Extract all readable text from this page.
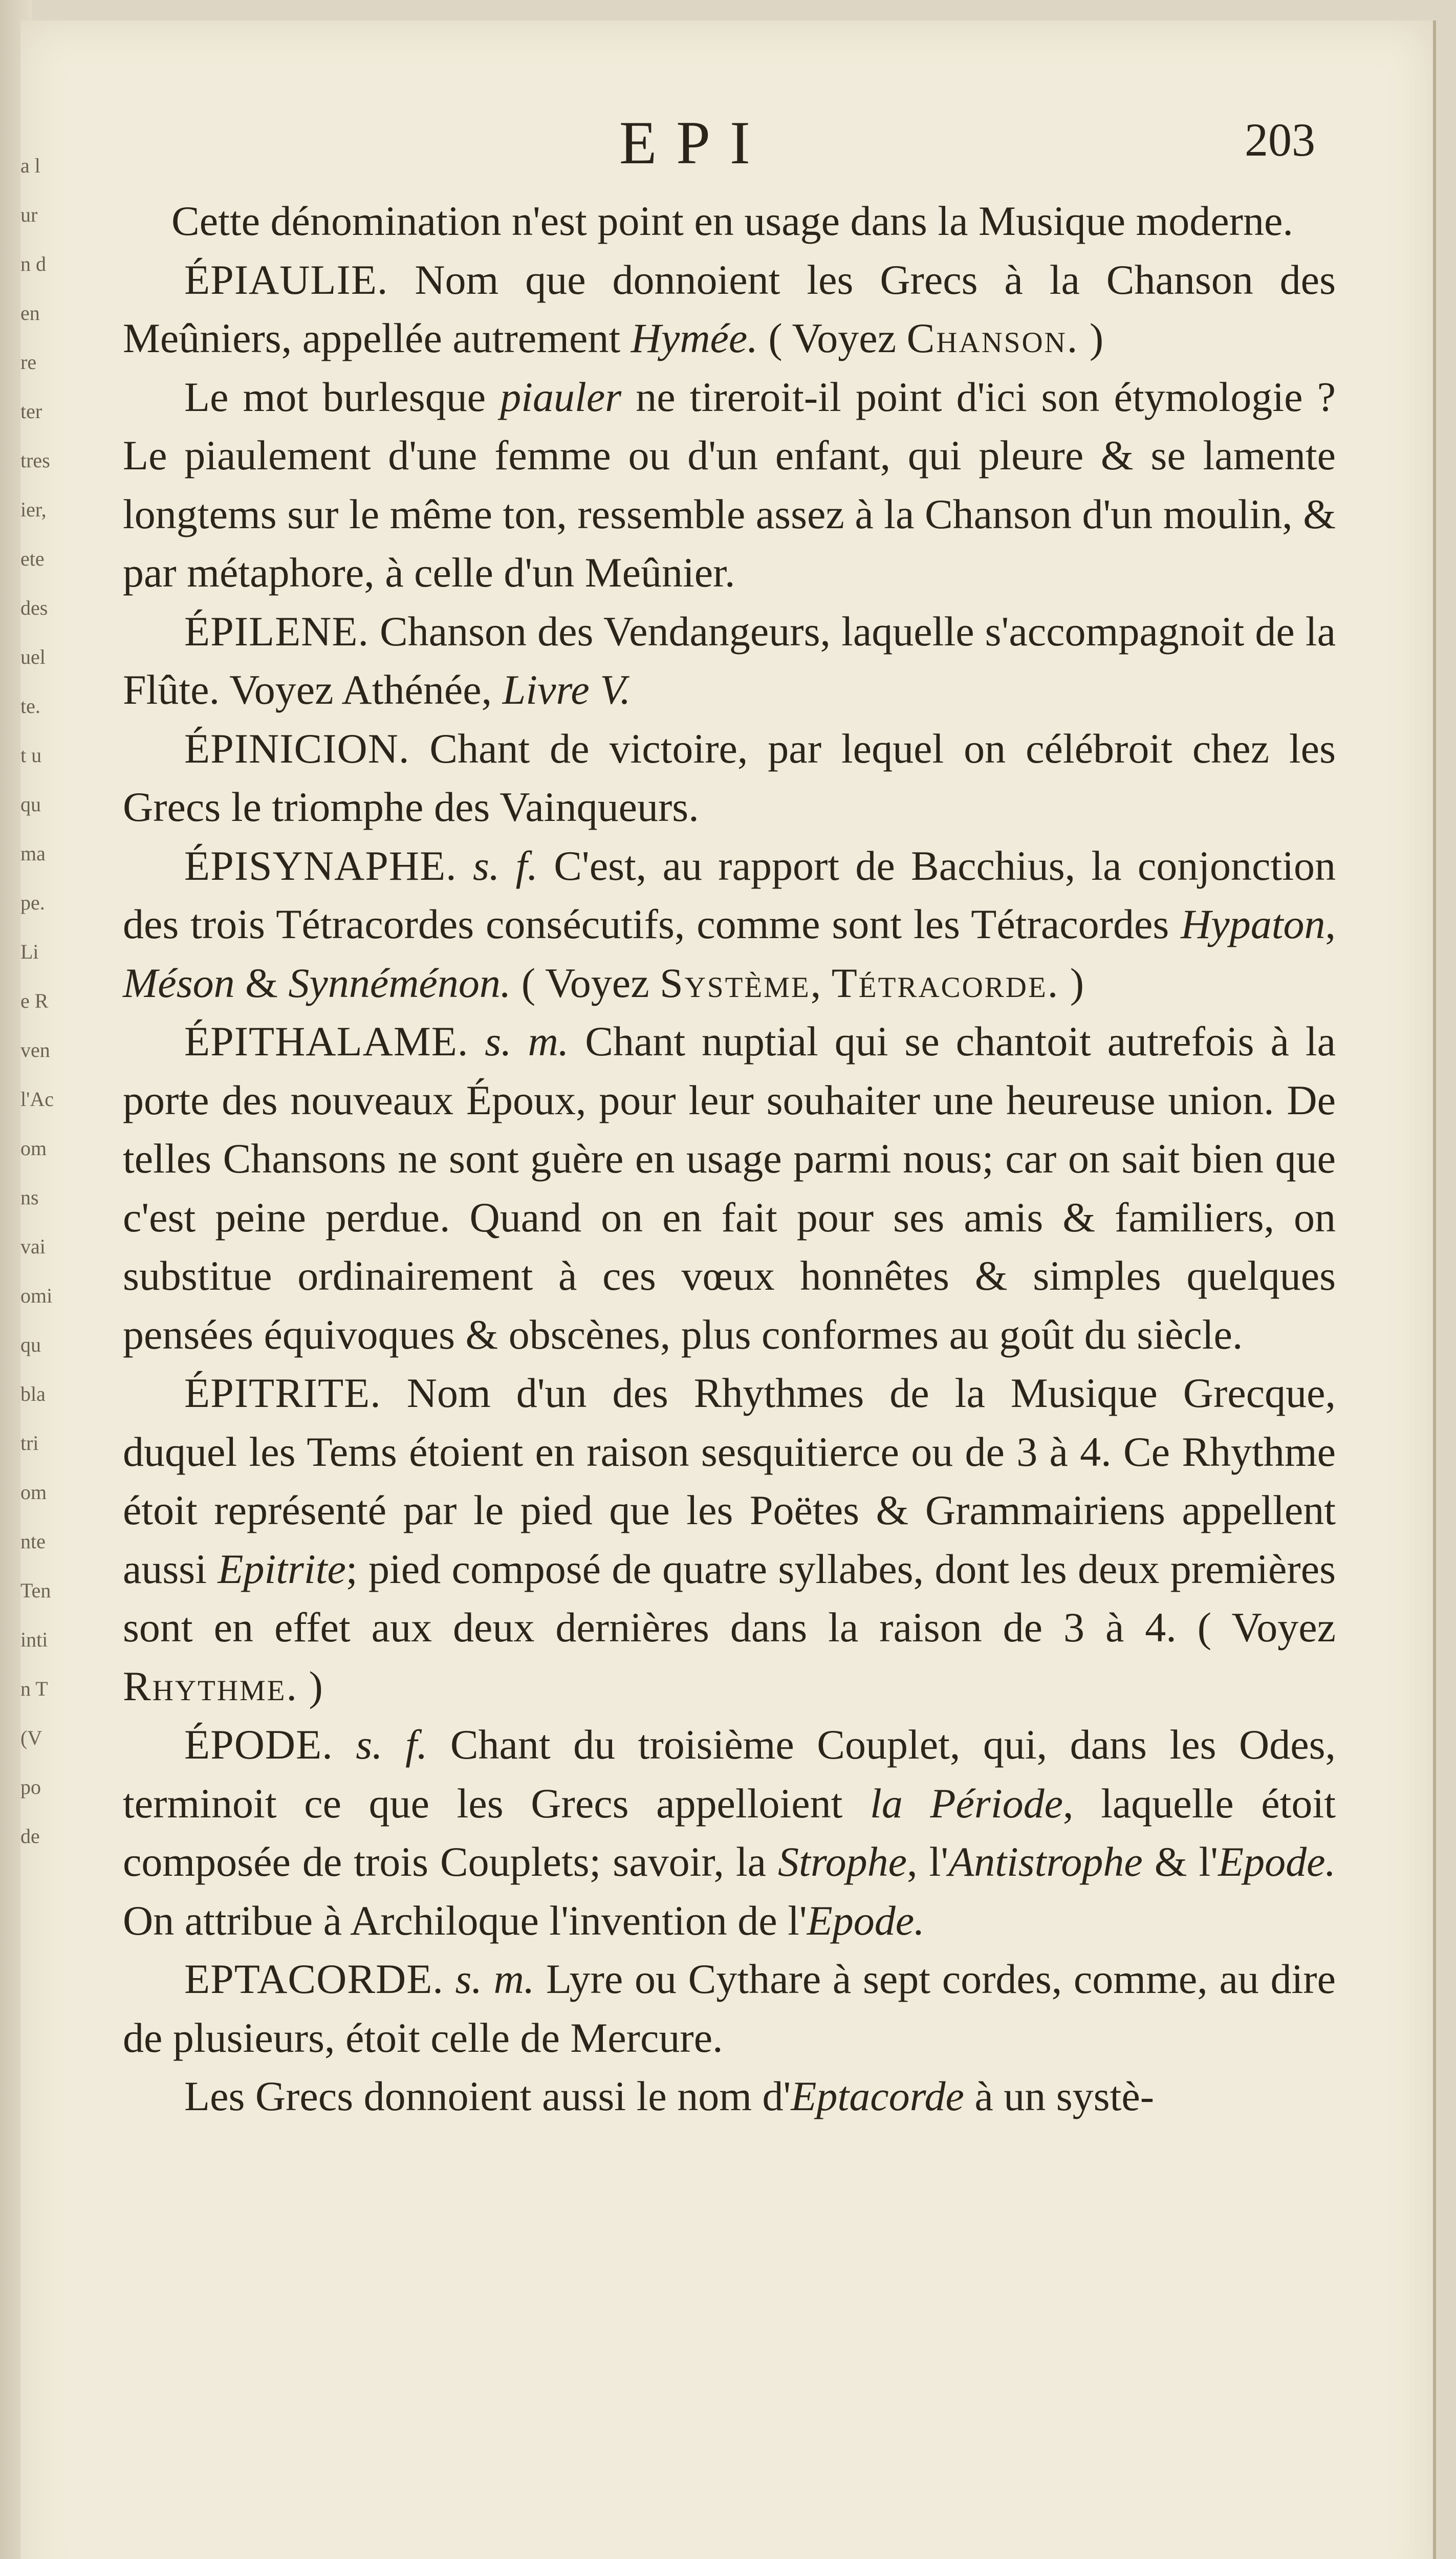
a l
ur
n d
en
re
ter
tres
ier,
ete
des
uel
te.
t u
qu
ma
pe.
Li
e R
ven
l'Ac
om
ns
vai
omi
qu
bla
tri
om
nte
Ten
inti
n T
(V
po
de
EPI	203

Cette dénomination n'est point en usage dans la Musique moderne.

ÉPIAULIE. Nom que donnoient les Grecs à la Chanson des Meûniers, appellée autrement Hymée. ( Voyez Chanson. )

Le mot burlesque piauler ne tireroit-il point d'ici son étymologie ? Le piaulement d'une femme ou d'un enfant, qui pleure & se lamente longtems sur le même ton, ressemble assez à la Chanson d'un moulin, & par métaphore, à celle d'un Meûnier.

ÉPILENE. Chanson des Vendangeurs, laquelle s'accompagnoit de la Flûte. Voyez Athénée, Livre V.

ÉPINICION. Chant de victoire, par lequel on célébroit chez les Grecs le triomphe des Vainqueurs.

ÉPISYNAPHE. s. f. C'est, au rapport de Bacchius, la conjonction des trois Tétracordes consécutifs, comme sont les Tétracordes Hypaton, Méson & Synnéménon. ( Voyez Système, Tétracorde. )

ÉPITHALAME. s. m. Chant nuptial qui se chantoit autrefois à la porte des nouveaux Époux, pour leur souhaiter une heureuse union. De telles Chansons ne sont guère en usage parmi nous; car on sait bien que c'est peine perdue. Quand on en fait pour ses amis & familiers, on substitue ordinairement à ces vœux honnêtes & simples quelques pensées équivoques & obscènes, plus conformes au goût du siècle.

ÉPITRITE. Nom d'un des Rhythmes de la Musique Grecque, duquel les Tems étoient en raison sesquitierce ou de 3 à 4. Ce Rhythme étoit représenté par le pied que les Poëtes & Grammairiens appellent aussi Epitrite; pied composé de quatre syllabes, dont les deux premières sont en effet aux deux dernières dans la raison de 3 à 4. ( Voyez Rhythme. )

ÉPODE. s. f. Chant du troisième Couplet, qui, dans les Odes, terminoit ce que les Grecs appelloient la Période, laquelle étoit composée de trois Couplets; savoir, la Strophe, l'Antistrophe & l'Epode. On attribue à Archiloque l'invention de l'Epode.

EPTACORDE. s. m. Lyre ou Cythare à sept cordes, comme, au dire de plusieurs, étoit celle de Mercure.

Les Grecs donnoient aussi le nom d'Eptacorde à un systè-
